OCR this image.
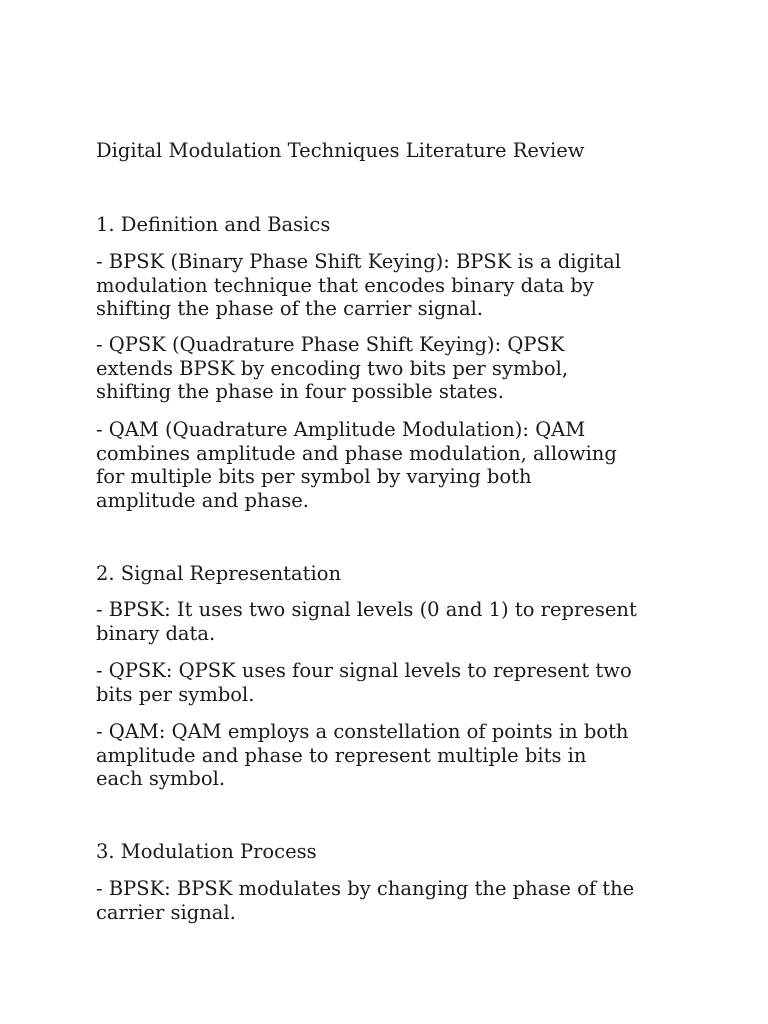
Digital Modulation Techniques Literature Review

1. Definition and Basics

- BPSK (Binary Phase Shift Keying): BPSK is a digital

modulation technique that encodes binary data by

shifting the phase of the carrier signal.

- QPSK (Quadrature Phase Shift Keying): QPSK

extends BPSK by encoding two bits per symbol,

shifting the phase in four possible states.

- QAM (Quadrature Amplitude Modulation): QAM

combines amplitude and phase modulation, allowing

for multiple bits per symbol by varying both

amplitude and phase.

2. Signal Representation

- BPSK: It uses two signal levels (0 and 1) to represent

binary data.

- QPSK: QPSK uses four signal levels to represent two

bits per symbol.

- QAM: QAM employs a constellation of points in both

amplitude and phase to represent multiple bits in

each symbol.

3. Modulation Process

- BPSK: BPSK modulates by changing the phase of the

carrier signal.
